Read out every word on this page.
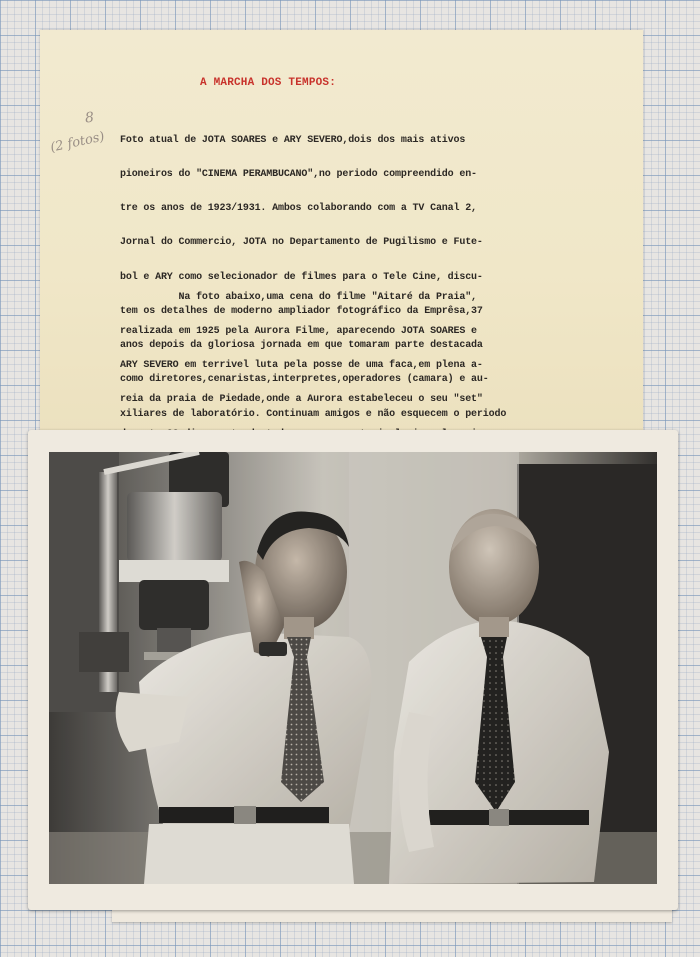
A MARCHA DOS TEMPOS:
8
(2 fotos)

Foto atual de JOTA SOARES e ARY SEVERO,dois dos mais ativos

pioneiros do "CINEMA PERAMBUCANO",no periodo compreendido en-

tre os anos de 1923/1931. Ambos colaborando com a TV Canal 2,

Jornal do Commercio, JOTA no Departamento de Pugilismo e Fute-

bol e ARY como selecionador de filmes para o Tele Cine, discu-

tem os detalhes de moderno ampliador fotográfico da Emprêsa,37

anos depois da gloriosa jornada em que tomaram parte destacada

como diretores,cenaristas,interpretes,operadores (camara) e au-

xiliares de laboratório. Continuam amigos e não esquecem o periodo

Na foto abaixo,uma cena do filme "Aitaré da Praia",

realizada em 1925 pela Aurora Filme, aparecendo JOTA SOARES e

ARY SEVERO em terrivel luta pela posse de uma faca,em plena a-

reia da praia de Piedade,onde a Aurora estabeleceu o seu "set"
